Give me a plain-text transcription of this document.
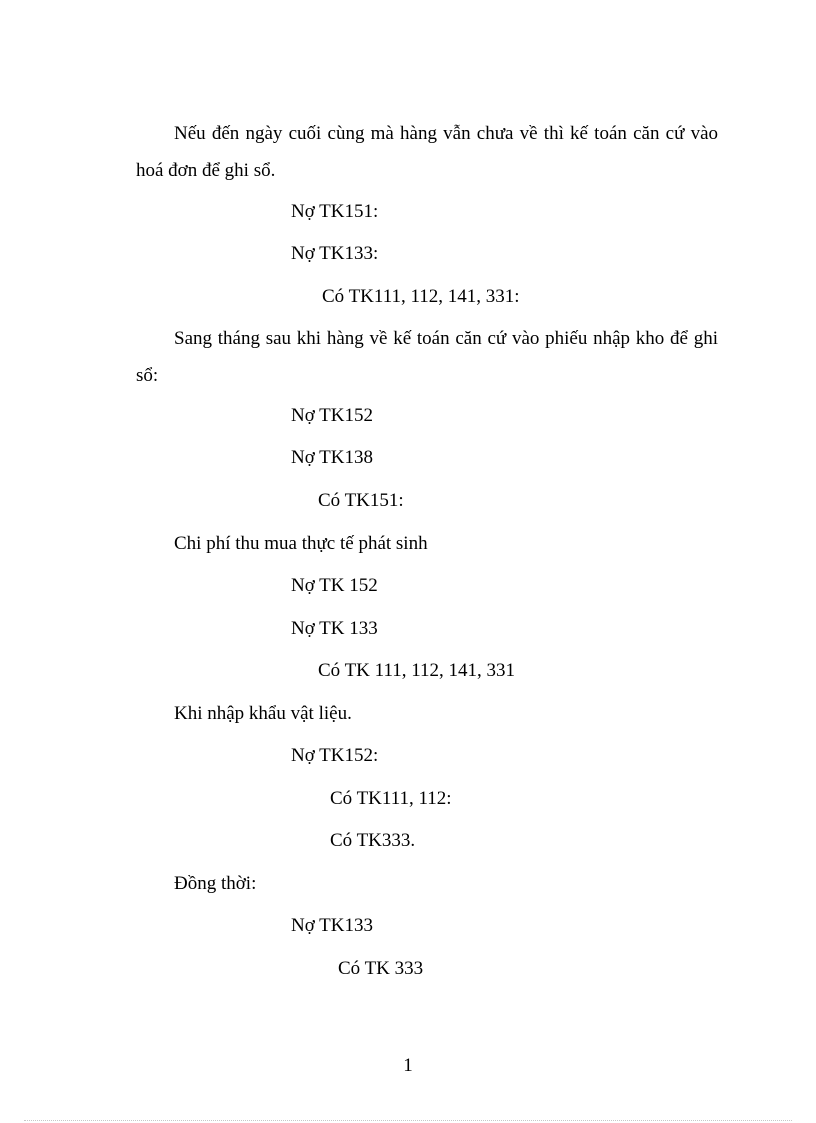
Nếu đến ngày cuối cùng mà hàng vẫn chưa về thì kế toán căn cứ vào hoá đơn để ghi sổ.
Nợ TK151:
Nợ TK133:
Có TK111, 112, 141, 331:
Sang tháng sau khi hàng về kế toán căn cứ vào phiếu nhập kho để ghi sổ:
Nợ TK152
Nợ TK138
Có TK151:
Chi phí thu mua thực tế phát sinh
Nợ TK 152
Nợ TK 133
Có TK 111, 112, 141, 331
Khi nhập khẩu vật liệu.
Nợ TK152:
Có TK111, 112:
Có TK333.
Đồng thời:
Nợ TK133
Có TK 333
1
